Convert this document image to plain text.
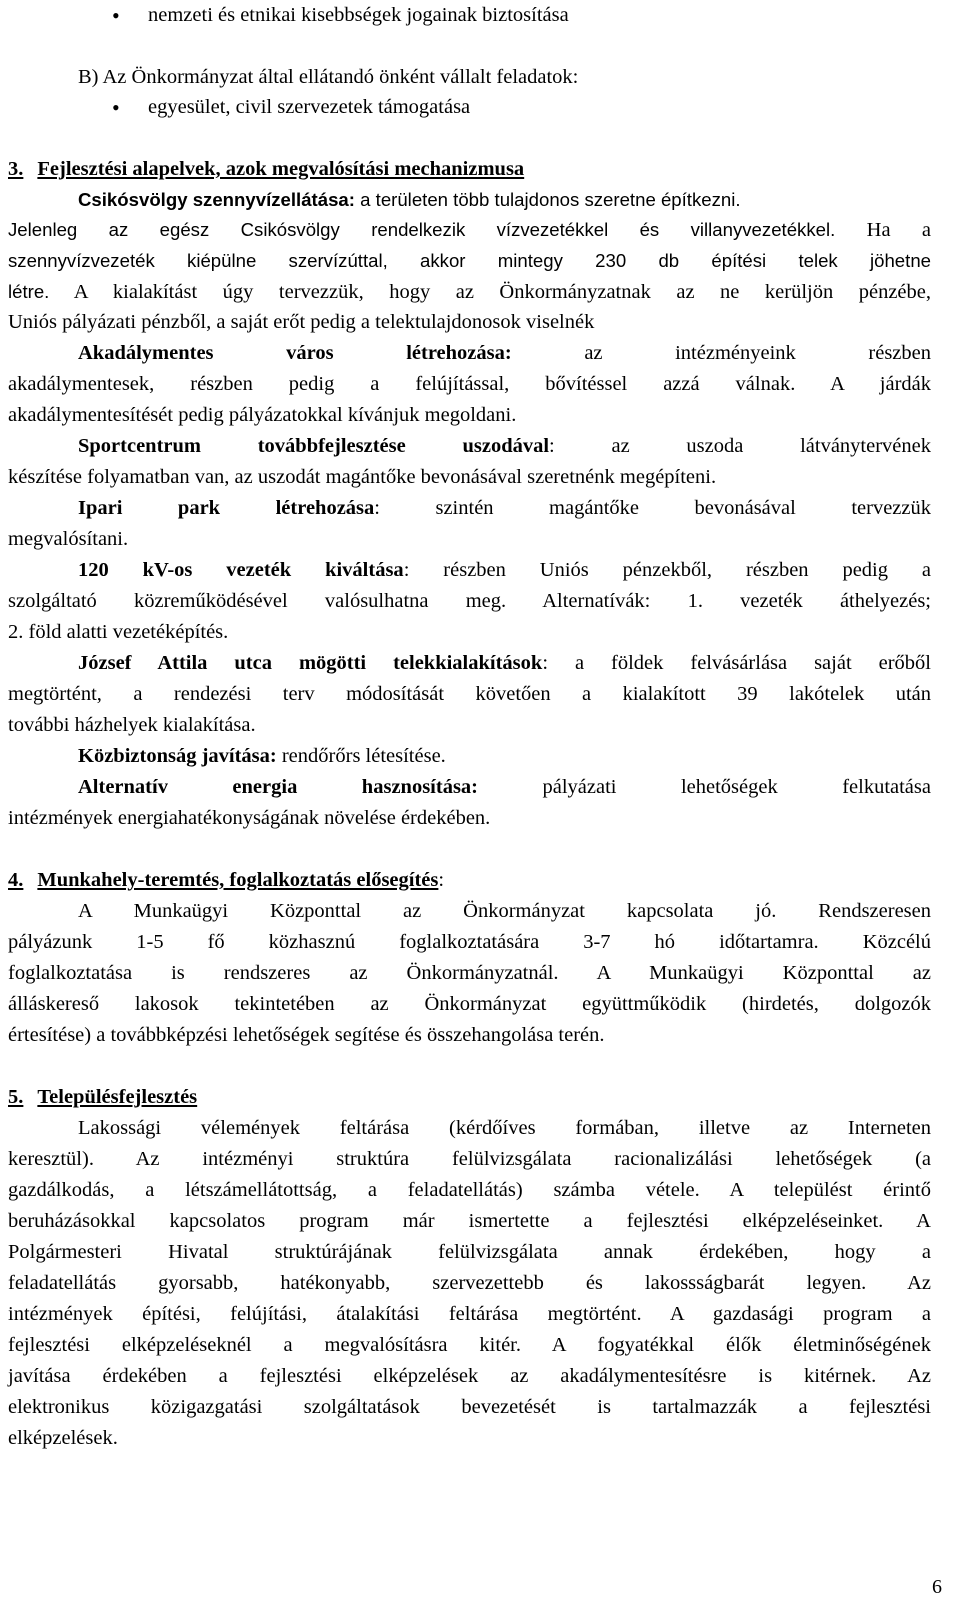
• nemzeti és etnikai kisebbségek jogainak biztosítása
B) Az Önkormányzat által ellátandó önként vállalt feladatok:
• egyesület, civil szervezetek támogatása
3. Fejlesztési alapelvek, azok megvalósítási mechanizmusa
Csikósvölgy szennyvízellátása: a területen több tulajdonos szeretne építkezni.
Jelenleg az egész Csikósvölgy rendelkezik vízvezetékkel és villanyvezetékkel. Ha a
szennyvízvezeték kiépülne szervízúttal, akkor mintegy 230 db építési telek jöhetne
létre. A kialakítást úgy tervezzük, hogy az Önkormányzatnak az ne kerüljön pénzébe,
Uniós pályázati pénzből, a saját erőt pedig a telektulajdonosok viselnék
Akadálymentes város létrehozása:	az intézményeink részben
akadálymentesek, részben pedig a felújítással, bővítéssel azzá válnak. A járdák
akadálymentesítését pedig pályázatokkal kívánjuk megoldani.
Sportcentrum továbbfejlesztése uszodával: az uszoda látványtervének
készítése folyamatban van, az uszodát magántőke bevonásával szeretnénk megépíteni.
Ipari park létrehozása: szintén magántőke bevonásával tervezzük
megvalósítani.
120 kV-os vezeték kiváltása: részben Uniós pénzekből, részben pedig a
szolgáltató közreműködésével valósulhatna meg. Alternatívák: 1. vezeték áthelyezés;
2. föld alatti vezetéképítés.
József Attila utca mögötti telekkialakítások: a földek felvásárlása saját erőből
megtörtént, a rendezési terv módosítását követően a kialakított 39 lakótelek után
további házhelyek kialakítása.
Közbiztonság javítása: rendőrőrs létesítése.
Alternatív energia hasznosítása:	pályázati lehetőségek felkutatása
intézmények energiahatékonyságának növelése érdekében.
4. Munkahely-teremtés, foglalkoztatás elősegítés:
A Munkaügyi Központtal az Önkormányzat kapcsolata jó. Rendszeresen
pályázunk 1-5 fő közhasznú foglalkoztatására 3-7 hó időtartamra. Közcélú
foglalkoztatása is rendszeres az Önkormányzatnál. A Munkaügyi Központtal az
álláskereső lakosok tekintetében az Önkormányzat együttműködik (hirdetés, dolgozók
értesítése) a továbbképzési lehetőségek segítése és összehangolása terén.
5. Településfejlesztés
Lakossági vélemények feltárása (kérdőíves formában, illetve az Interneten
keresztül). Az intézményi struktúra felülvizsgálata racionalizálási lehetőségek (a
gazdálkodás, a létszámellátottság, a feladatellátás) számba vétele. A települést érintő
beruházásokkal kapcsolatos program már ismertette a fejlesztési elképzeléseinket. A
Polgármesteri Hivatal struktúrájának felülvizsgálata annak érdekében, hogy a
feladatellátás gyorsabb, hatékonyabb, szervezettebb és lakossságbarát legyen. Az
intézmények építési, felújítási, átalakítási feltárása megtörtént. A gazdasági program a
fejlesztési elképzeléseknél a megvalósításra kitér. A fogyatékkal élők életminőségének
javítása érdekében a fejlesztési elképzelések az akadálymentesítésre is kitérnek. Az
elektronikus közigazgatási szolgáltatások bevezetését is tartalmazzák a fejlesztési
elképzelések.
6
